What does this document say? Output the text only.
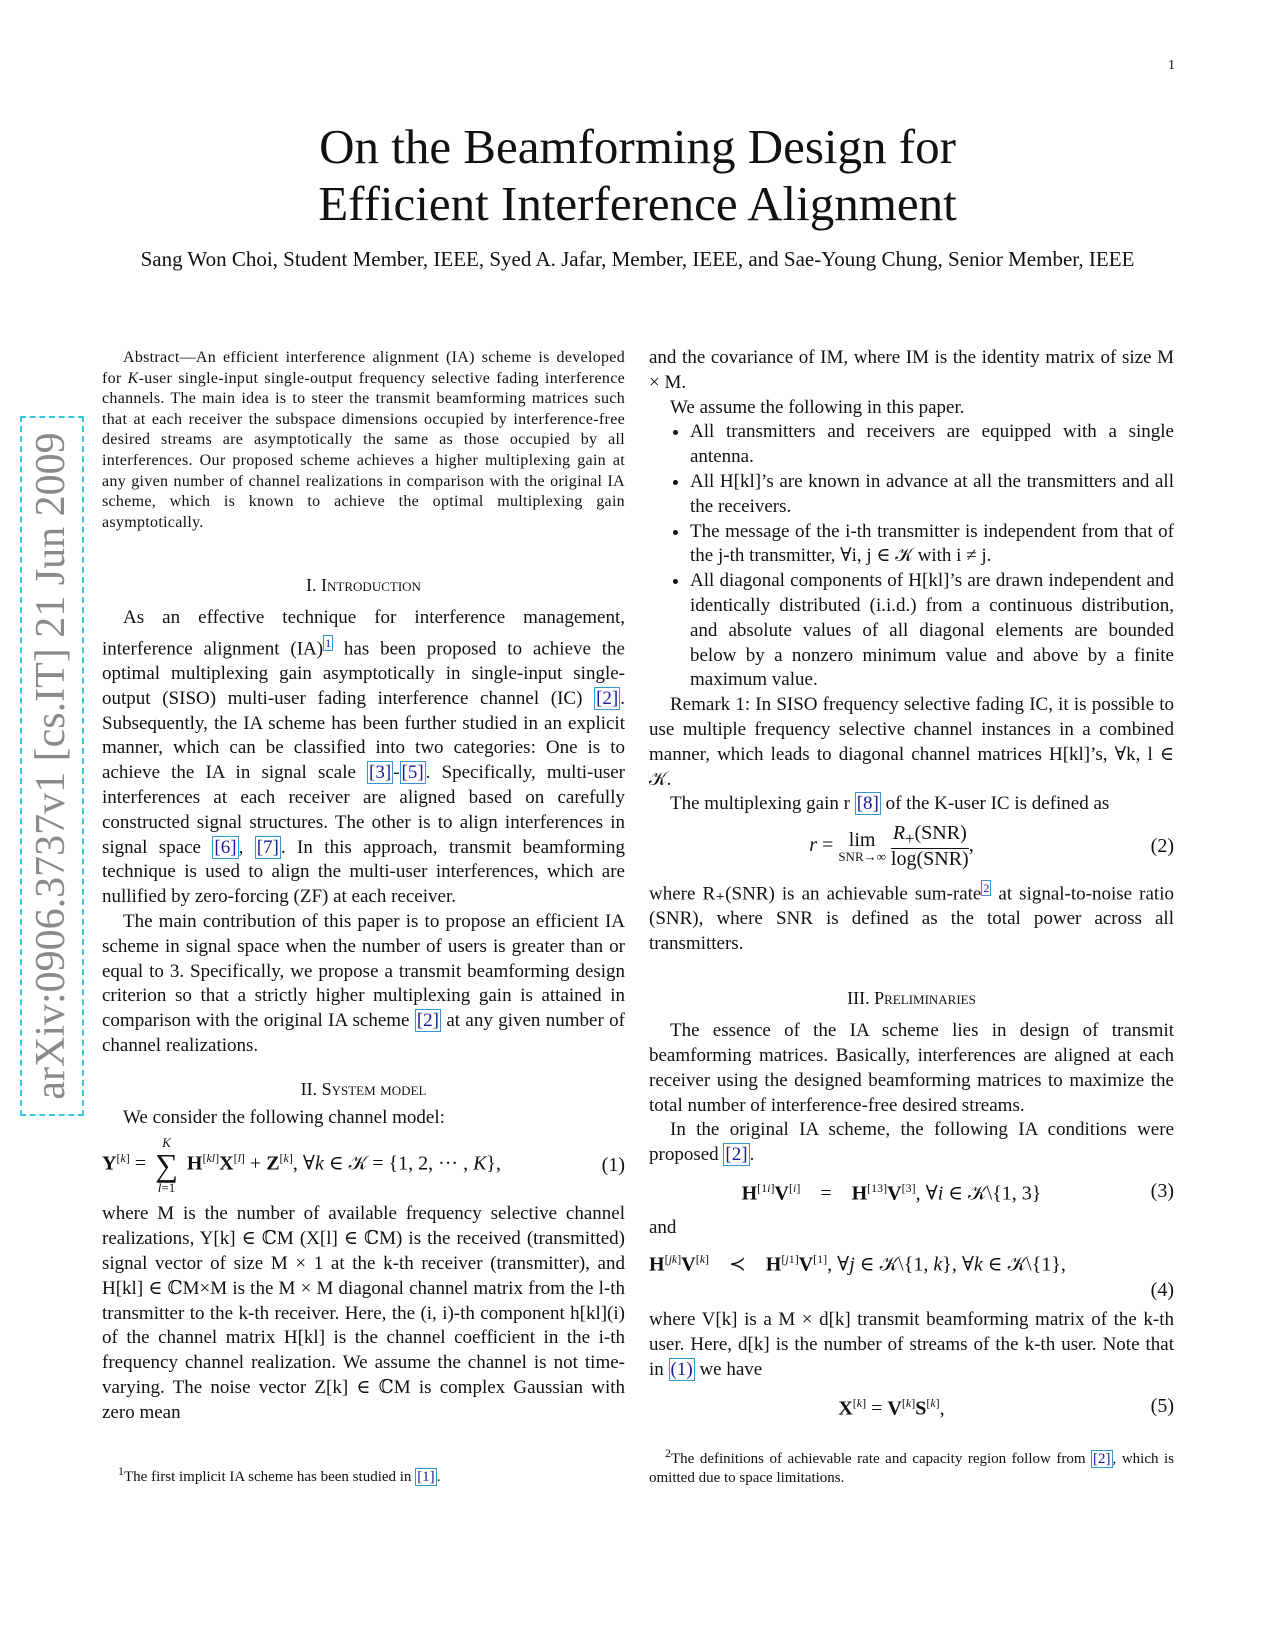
1
On the Beamforming Design for
Efficient Interference Alignment
Sang Won Choi, Student Member, IEEE, Syed A. Jafar, Member, IEEE, and Sae-Young Chung, Senior Member, IEEE
arXiv:0906.3737v1 [cs.IT] 21 Jun 2009

Abstract—An efficient interference alignment (IA) scheme is developed for K-user single-input single-output frequency selective fading interference channels. The main idea is to steer the transmit beamforming matrices such that at each receiver the subspace dimensions occupied by interference-free desired streams are asymptotically the same as those occupied by all interferences. Our proposed scheme achieves a higher multiplexing gain at any given number of channel realizations in comparison with the original IA scheme, which is known to achieve the optimal multiplexing gain asymptotically.

I. Introduction

As an effective technique for interference management, interference alignment (IA) $^1$ has been proposed to achieve the optimal multiplexing gain asymptotically in single-input single-output (SISO) multi-user fading interference channel (IC) [2] . Subsequently, the IA scheme has been further studied in an explicit manner, which can be classified into two categories: One is to achieve the IA in signal scale [3] - [5] . Specifically, multi-user interferences at each receiver are aligned based on carefully constructed signal structures. The other is to align interferences in signal space [6] , [7] . In this approach, transmit beamforming technique is used to align the multi-user interferences, which are nullified by zero-forcing (ZF) at each receiver.

The main contribution of this paper is to propose an efficient IA scheme in signal space when the number of users is greater than or equal to 3. Specifically, we propose a transmit beamforming design criterion so that a strictly higher multiplexing gain is attained in comparison with the original IA scheme [2] at any given number of channel realizations.

II. System model

We consider the following channel model:

Y[k] =
K
∑
l=1
H[kl]X[l] + Z[k], ∀k ∈ 𝒦 = {1, 2, ··· , K},	(1)

where M is the number of available frequency selective channel realizations, Y[k] ∈ ℂM (X[l] ∈ ℂM) is the received (transmitted) signal vector of size M × 1 at the k-th receiver (transmitter), and H[kl] ∈ ℂM×M is the M × M diagonal channel matrix from the l-th transmitter to the k-th receiver. Here, the (i, i)-th component h[kl](i) of the channel matrix H[kl] is the channel coefficient in the i-th frequency channel realization. We assume the channel is not time-varying. The noise vector Z[k] ∈ ℂM is complex Gaussian with zero mean

$^1$The first implicit IA scheme has been studied in [1] .

and the covariance of IM, where IM is the identity matrix of size M × M.

We assume the following in this paper.

• All transmitters and receivers are equipped with a single antenna.
• All H[kl]’s are known in advance at all the transmitters and all the receivers.
• The message of the i-th transmitter is independent from that of the j-th transmitter, ∀i, j ∈ 𝒦 with i ≠ j.
• All diagonal components of H[kl]’s are drawn independent and identically distributed (i.i.d.) from a continuous distribution, and absolute values of all diagonal elements are bounded below by a nonzero minimum value and above by a finite maximum value.

Remark 1: In SISO frequency selective fading IC, it is possible to use multiple frequency selective channel instances in a combined manner, which leads to diagonal channel matrices H[kl]’s, ∀k, l ∈ 𝒦.

The multiplexing gain r [8] of the K-user IC is defined as

r = lim
SNR→∞
$\frac{R_+(SNR)}{\text{log(SNR)}}$ ,	(2)

where R₊(SNR) is an achievable sum-rate $^2$ at signal-to-noise ratio (SNR), where SNR is defined as the total power across all transmitters.

III. Preliminaries

The essence of the IA scheme lies in design of transmit beamforming matrices. Basically, interferences are aligned at each receiver using the designed beamforming matrices to maximize the total number of interference-free desired streams.

In the original IA scheme, the following IA conditions were proposed [2] .

H[1i]V[i]    =    H[13]V[3], ∀i ∈ 𝒦\{1, 3}	(3)

and

H[jk]V[k]    ≺    H[j1]V[1], ∀j ∈ 𝒦\{1, k}, ∀k ∈ 𝒦\{1},
(4)

where V[k] is a M × d[k] transmit beamforming matrix of the k-th user. Here, d[k] is the number of streams of the k-th user. Note that in (1) we have

X[k] = V[k]S[k],	(5)
$^2$The definitions of achievable rate and capacity region follow from [2] , which is omitted due to space limitations.
